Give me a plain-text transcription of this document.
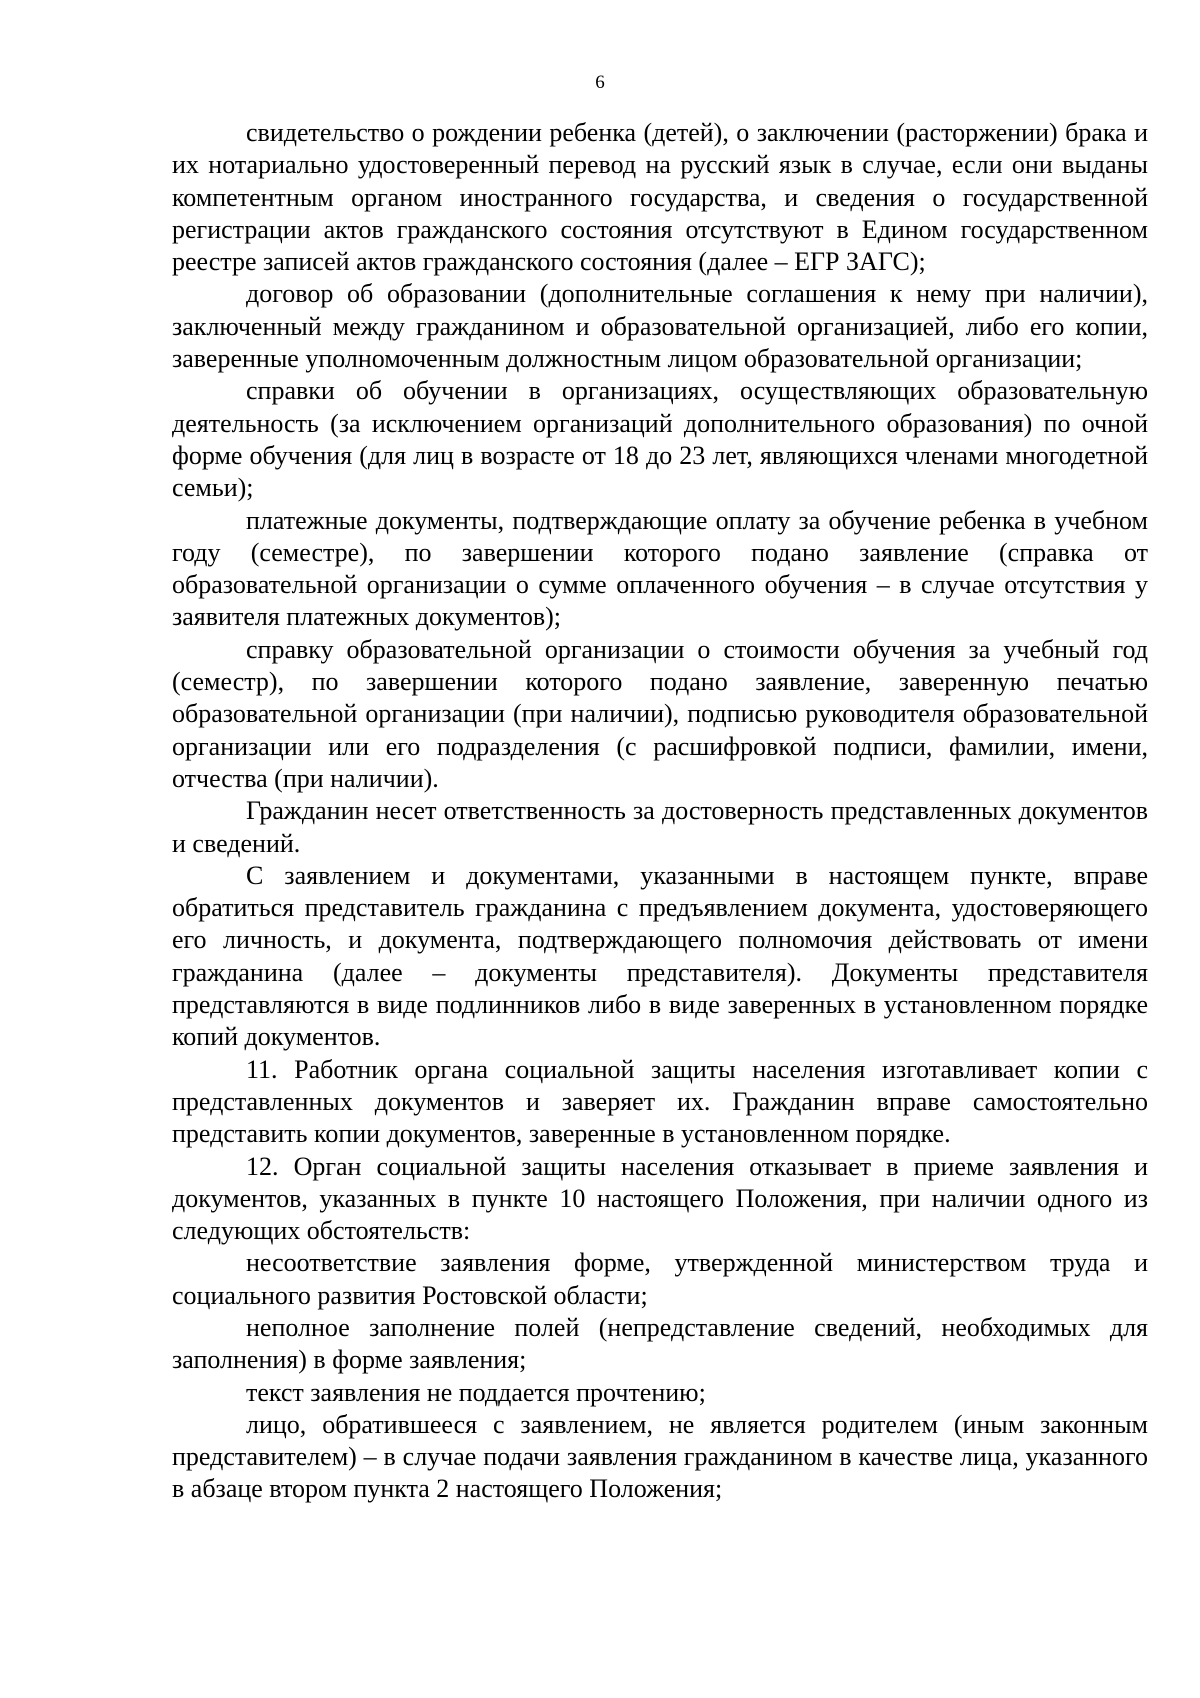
6

свидетельство о рождении ребенка (детей), о заключении (расторжении) брака и их нотариально удостоверенный перевод на русский язык в случае, если они выданы компетентным органом иностранного государства, и сведения о государственной регистрации актов гражданского состояния отсутствуют в Едином государственном реестре записей актов гражданского состояния (далее – ЕГР ЗАГС);

договор об образовании (дополнительные соглашения к нему при наличии), заключенный между гражданином и образовательной организацией, либо его копии, заверенные уполномоченным должностным лицом образовательной организации;

справки об обучении в организациях, осуществляющих образовательную деятельность (за исключением организаций дополнительного образования) по очной форме обучения (для лиц в возрасте от 18 до 23 лет, являющихся членами многодетной семьи);

платежные документы, подтверждающие оплату за обучение ребенка в учебном году (семестре), по завершении которого подано заявление (справка от образовательной организации о сумме оплаченного обучения – в случае отсутствия у заявителя платежных документов);

справку образовательной организации о стоимости обучения за учебный год (семестр), по завершении которого подано заявление, заверенную печатью образовательной организации (при наличии), подписью руководителя образовательной организации или его подразделения (с расшифровкой подписи, фамилии, имени, отчества (при наличии).

Гражданин несет ответственность за достоверность представленных документов и сведений.

С заявлением и документами, указанными в настоящем пункте, вправе обратиться представитель гражданина с предъявлением документа, удостоверяющего его личность, и документа, подтверждающего полномочия действовать от имени гражданина (далее – документы представителя). Документы представителя представляются в виде подлинников либо в виде заверенных в установленном порядке копий документов.

11. Работник органа социальной защиты населения изготавливает копии с представленных документов и заверяет их. Гражданин вправе самостоятельно представить копии документов, заверенные в установленном порядке.

12. Орган социальной защиты населения отказывает в приеме заявления и документов, указанных в пункте 10 настоящего Положения, при наличии одного из следующих обстоятельств:

несоответствие заявления форме, утвержденной министерством труда и социального развития Ростовской области;

неполное заполнение полей (непредставление сведений, необходимых для заполнения) в форме заявления;

текст заявления не поддается прочтению;

лицо, обратившееся с заявлением, не является родителем (иным законным представителем) – в случае подачи заявления гражданином в качестве лица, указанного в абзаце втором пункта 2 настоящего Положения;
